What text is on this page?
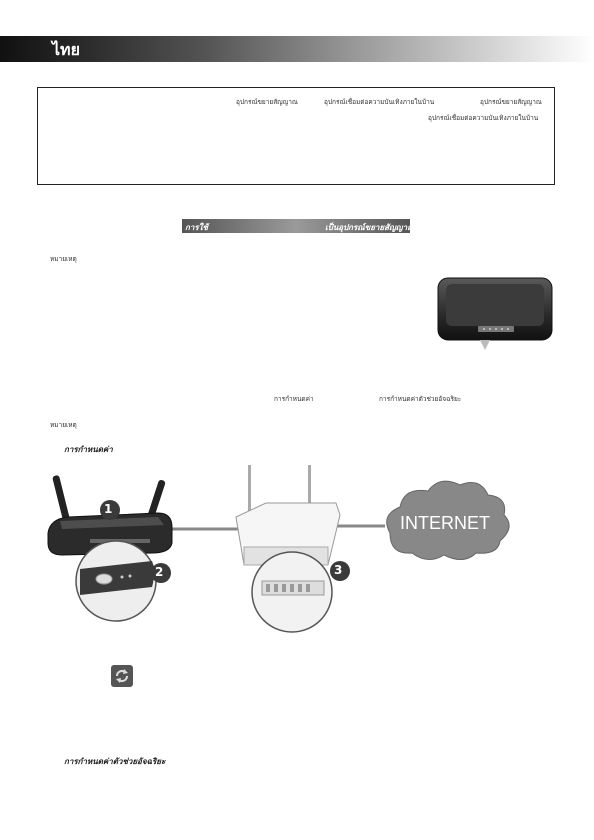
ไทย
อุปกรณ์ขยายสัญญาณ	อุปกรณ์เชื่อมต่อความบันเทิงภายในบ้าน	อุปกรณ์ขยายสัญญาณ
อุปกรณ์เชื่อมต่อความบันเทิงภายในบ้าน
การใช้	เป็นอุปกรณ์ขยายสัญญาณ
หมายเหตุ
การกำหนดค่า	การกำหนดค่าตัวช่วยอัจฉริยะ
หมายเหตุ
การกำหนดค่า
1
2	3
INTERNET
การกำหนดค่าตัวช่วยอัจฉริยะ
